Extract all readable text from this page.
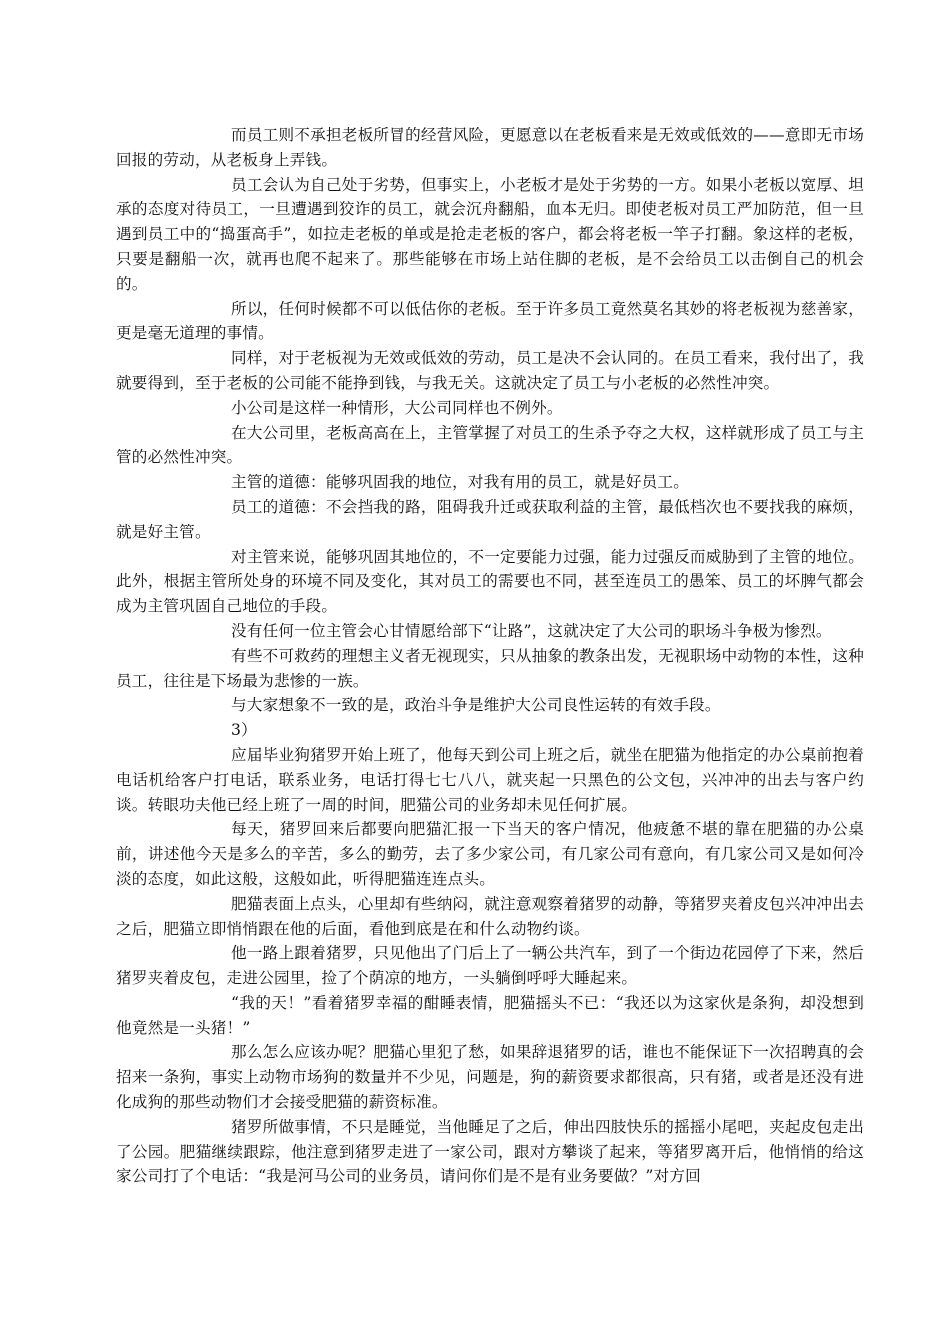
而员工则不承担老板所冒的经营风险，更愿意以在老板看来是无效或低效的——意即无市场回报的劳动，从老板身上弄钱。

员工会认为自己处于劣势，但事实上，小老板才是处于劣势的一方。如果小老板以宽厚、坦承的态度对待员工，一旦遭遇到狡诈的员工，就会沉舟翻船，血本无归。即使老板对员工严加防范，但一旦遇到员工中的“捣蛋高手”，如拉走老板的单或是抢走老板的客户，都会将老板一竿子打翻。象这样的老板，只要是翻船一次，就再也爬不起来了。那些能够在市场上站住脚的老板，是不会给员工以击倒自己的机会的。

所以，任何时候都不可以低估你的老板。至于许多员工竟然莫名其妙的将老板视为慈善家，更是毫无道理的事情。

同样，对于老板视为无效或低效的劳动，员工是决不会认同的。在员工看来，我付出了，我就要得到，至于老板的公司能不能挣到钱，与我无关。这就决定了员工与小老板的必然性冲突。

小公司是这样一种情形，大公司同样也不例外。

在大公司里，老板高高在上，主管掌握了对员工的生杀予夺之大权，这样就形成了员工与主管的必然性冲突。

主管的道德：能够巩固我的地位，对我有用的员工，就是好员工。

员工的道德：不会挡我的路，阻碍我升迁或获取利益的主管，最低档次也不要找我的麻烦，就是好主管。

对主管来说，能够巩固其地位的，不一定要能力过强，能力过强反而威胁到了主管的地位。此外，根据主管所处身的环境不同及变化，其对员工的需要也不同，甚至连员工的愚笨、员工的坏脾气都会成为主管巩固自己地位的手段。

没有任何一位主管会心甘情愿给部下“让路”，这就决定了大公司的职场斗争极为惨烈。

有些不可救药的理想主义者无视现实，只从抽象的教条出发，无视职场中动物的本性，这种员工，往往是下场最为悲惨的一族。

与大家想象不一致的是，政治斗争是维护大公司良性运转的有效手段。

3）

应届毕业狗猪罗开始上班了，他每天到公司上班之后，就坐在肥猫为他指定的办公桌前抱着电话机给客户打电话，联系业务，电话打得七七八八，就夹起一只黑色的公文包，兴冲冲的出去与客户约谈。转眼功夫他已经上班了一周的时间，肥猫公司的业务却未见任何扩展。

每天，猪罗回来后都要向肥猫汇报一下当天的客户情况，他疲惫不堪的靠在肥猫的办公桌前，讲述他今天是多么的辛苦，多么的勤劳，去了多少家公司，有几家公司有意向，有几家公司又是如何冷淡的态度，如此这般，这般如此，听得肥猫连连点头。

肥猫表面上点头，心里却有些纳闷，就注意观察着猪罗的动静，等猪罗夹着皮包兴冲冲出去之后，肥猫立即悄悄跟在他的后面，看他到底是在和什么动物约谈。

他一路上跟着猪罗，只见他出了门后上了一辆公共汽车，到了一个街边花园停了下来，然后猪罗夹着皮包，走进公园里，捡了个荫凉的地方，一头躺倒呼呼大睡起来。

“我的天！”看着猪罗幸福的酣睡表情，肥猫摇头不已：“我还以为这家伙是条狗，却没想到他竟然是一头猪！”

那么怎么应该办呢？肥猫心里犯了愁，如果辞退猪罗的话，谁也不能保证下一次招聘真的会招来一条狗，事实上动物市场狗的数量并不少见，问题是，狗的薪资要求都很高，只有猪，或者是还没有进化成狗的那些动物们才会接受肥猫的薪资标准。

猪罗所做事情，不只是睡觉，当他睡足了之后，伸出四肢快乐的摇摇小尾吧，夹起皮包走出了公园。肥猫继续跟踪，他注意到猪罗走进了一家公司，跟对方攀谈了起来，等猪罗离开后，他悄悄的给这家公司打了个电话：“我是河马公司的业务员，请问你们是不是有业务要做？”对方回
